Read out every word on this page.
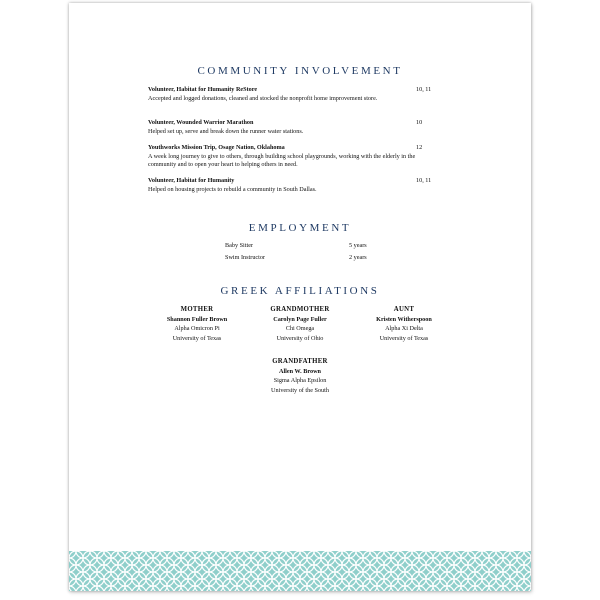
COMMUNITY INVOLVEMENT
Volunteer, Habitat for Humanity ReStore
Accepted and logged donations, cleaned and stocked the nonprofit home improvement store.
10, 11
Volunteer, Wounded Warrior Marathon
Helped set up, serve and break down the runner water stations.
10
Youthworks Mission Trip, Osage Nation, Oklahoma
A week long journey to give to others, through building school playgrounds, working with the elderly in the community and to open your heart to helping others in need.
12
Volunteer, Habitat for Humanity
Helped on housing projects to rebuild a community in South Dallas.
10, 11
EMPLOYMENT
Baby Sitter	5 years
Swim Instructor	2 years
GREEK AFFILIATIONS
MOTHER
Shannon Fuller Brown
Alpha Omicron Pi
University of Texas
GRANDMOTHER
Carolyn Page Fuller
Chi Omega
University of Ohio
AUNT
Kristen Witherspoon
Alpha Xi Delta
University of Texas
GRANDFATHER
Allen W. Brown
Sigma Alpha Epsilon
University of the South
